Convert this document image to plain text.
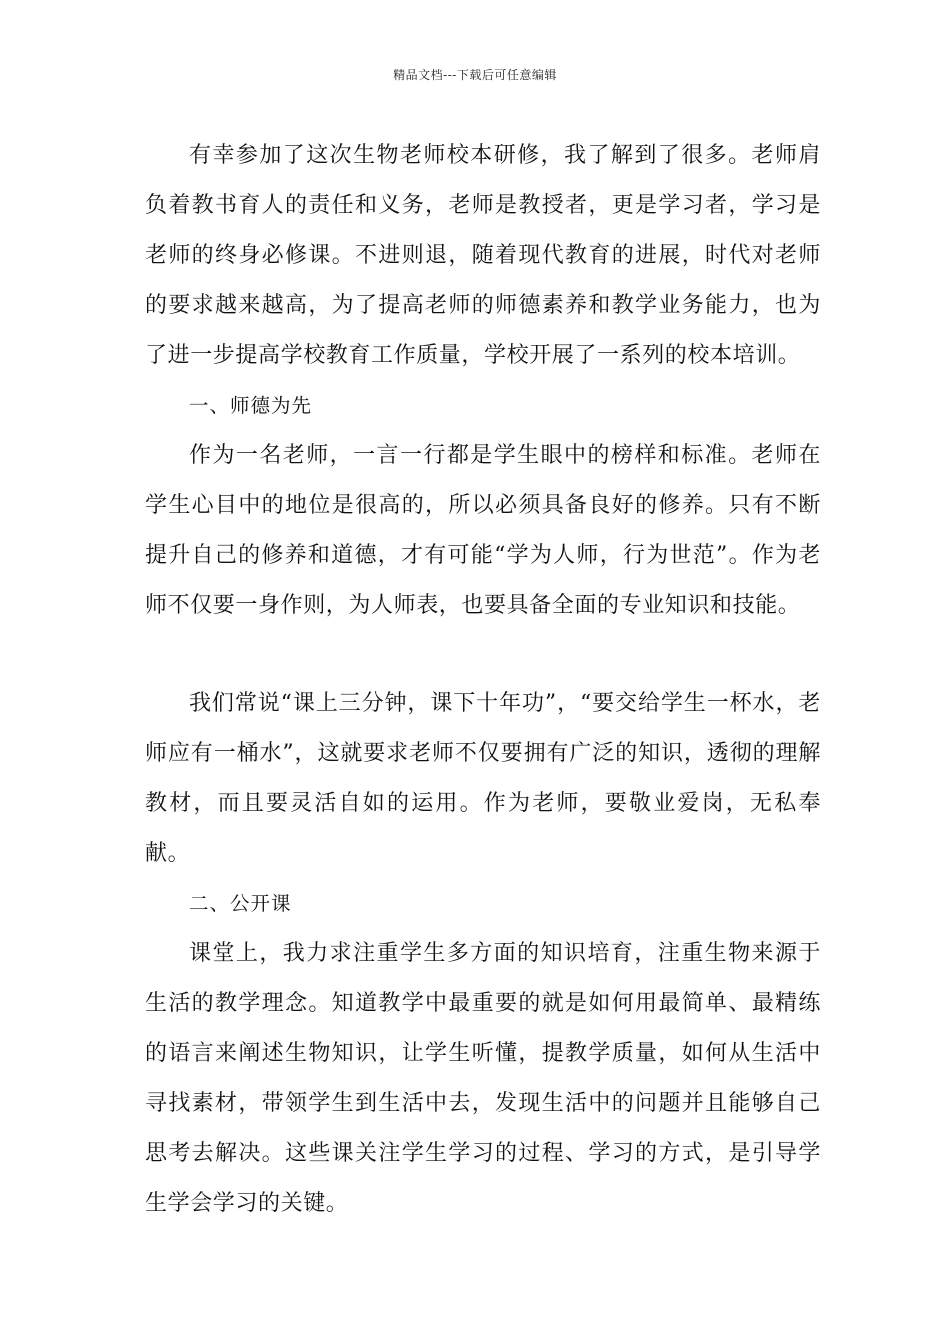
精品文档---下载后可任意编辑

有幸参加了这次生物老师校本研修，我了解到了很多。老师肩负着教书育人的责任和义务，老师是教授者，更是学习者，学习是老师的终身必修课。不进则退，随着现代教育的进展，时代对老师的要求越来越高，为了提高老师的师德素养和教学业务能力，也为了进一步提高学校教育工作质量，学校开展了一系列的校本培训。

一、师德为先

作为一名老师，一言一行都是学生眼中的榜样和标准。老师在学生心目中的地位是很高的，所以必须具备良好的修养。只有不断提升自己的修养和道德，才有可能“学为人师，行为世范”。作为老师不仅要一身作则，为人师表，也要具备全面的专业知识和技能。

我们常说“课上三分钟，课下十年功”，“要交给学生一杯水，老师应有一桶水”，这就要求老师不仅要拥有广泛的知识，透彻的理解教材，而且要灵活自如的运用。作为老师，要敬业爱岗，无私奉献。

二、公开课

课堂上，我力求注重学生多方面的知识培育，注重生物来源于生活的教学理念。知道教学中最重要的就是如何用最简单、最精练的语言来阐述生物知识，让学生听懂，提教学质量，如何从生活中寻找素材，带领学生到生活中去，发现生活中的问题并且能够自己思考去解决。这些课关注学生学习的过程、学习的方式，是引导学生学会学习的关键。
